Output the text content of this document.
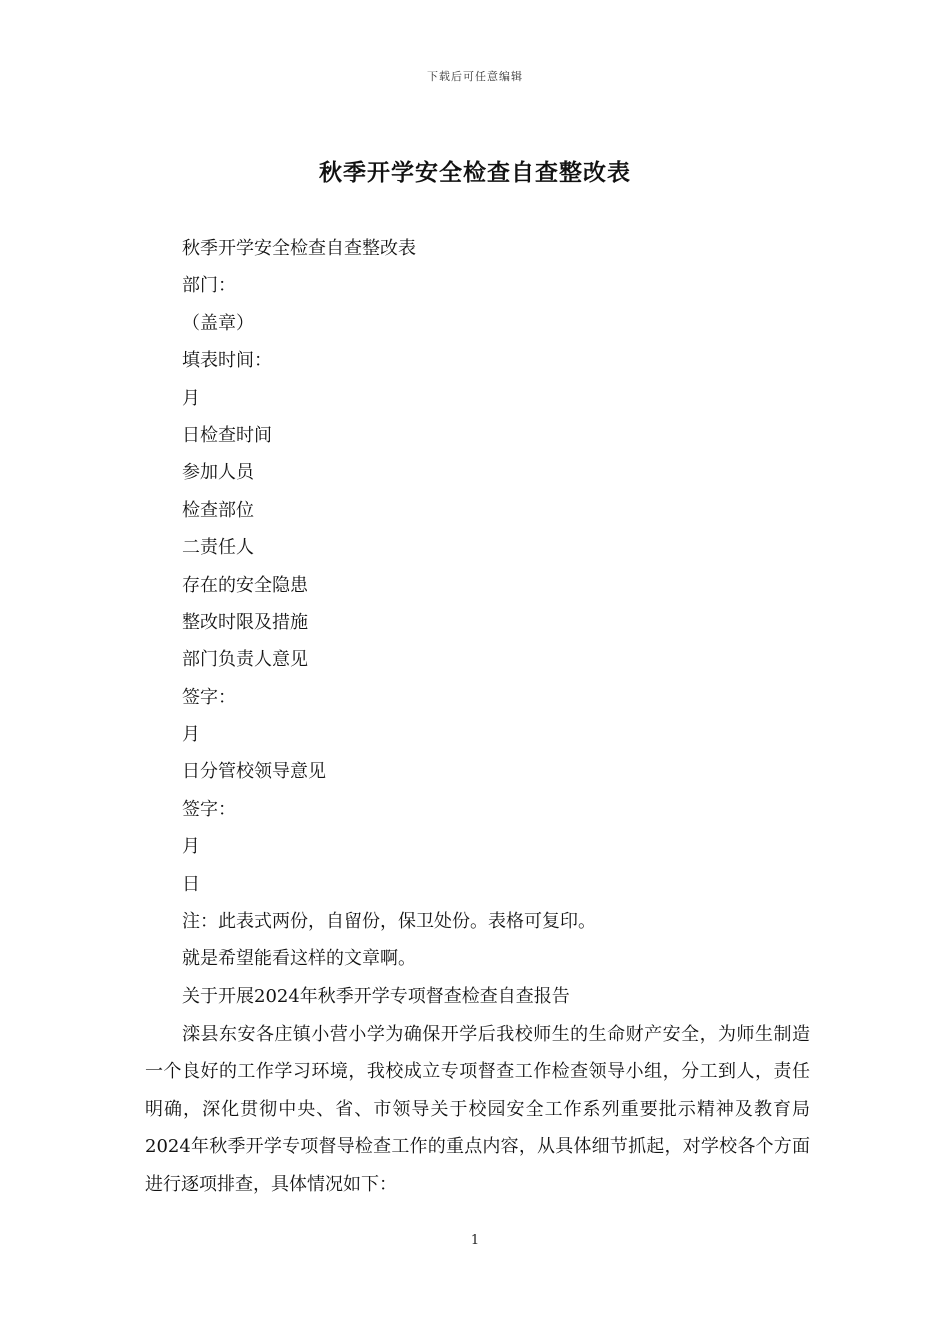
下载后可任意编辑
秋季开学安全检查自查整改表
秋季开学安全检查自查整改表
部门：
（盖章）
填表时间：
月
日检查时间
参加人员
检查部位
二责任人
存在的安全隐患
整改时限及措施
部门负责人意见
签字：
月
日分管校领导意见
签字：
月
日
注：此表式两份，自留份，保卫处份。表格可复印。
就是希望能看这样的文章啊。
关于开展2024年秋季开学专项督查检查自查报告

滦县东安各庄镇小营小学为确保开学后我校师生的生命财产安全，为师生制造一个良好的工作学习环境，我校成立专项督查工作检查领导小组，分工到人，责任明确，深化贯彻中央、省、市领导关于校园安全工作系列重要批示精神及教育局2024年秋季开学专项督导检查工作的重点内容，从具体细节抓起，对学校各个方面进行逐项排查，具体情况如下：

1
